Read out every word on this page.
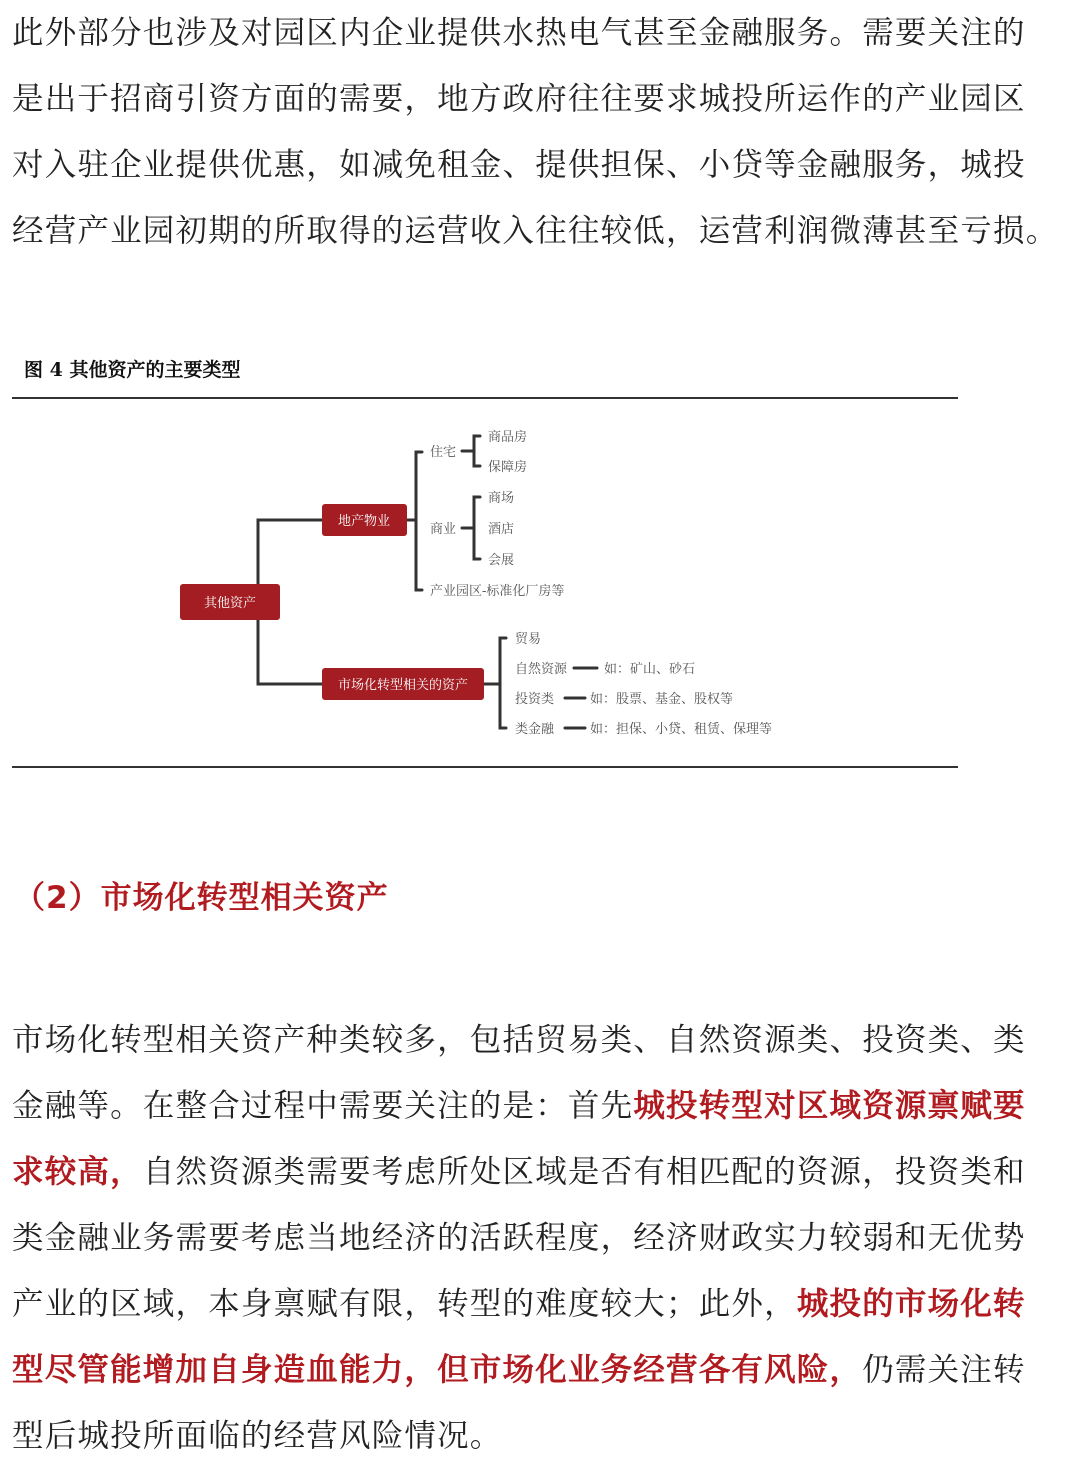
此外部分也涉及对园区内企业提供水热电气甚至金融服务。需要关注的
是出于招商引资方面的需要，地方政府往往要求城投所运作的产业园区
对入驻企业提供优惠，如减免租金、提供担保、小贷等金融服务，城投
经营产业园初期的所取得的运营收入往往较低，运营利润微薄甚至亏损。
图 4 其他资产的主要类型
其他资产
地产物业
市场化转型相关的资产
住宅
商品房
保障房
商业
商场
酒店
会展
产业园区-标准化厂房等
贸易
自然资源	如：矿山、砂石
投资类	如：股票、基金、股权等
类金融	如：担保、小贷、租赁、保理等
（2）市场化转型相关资产
市场化转型相关资产种类较多，包括贸易类、自然资源类、投资类、类
金融等。在整合过程中需要关注的是：首先城投转型对区域资源禀赋要
求较高，自然资源类需要考虑所处区域是否有相匹配的资源，投资类和
类金融业务需要考虑当地经济的活跃程度，经济财政实力较弱和无优势
产业的区域，本身禀赋有限，转型的难度较大；此外，城投的市场化转
型尽管能增加自身造血能力，但市场化业务经营各有风险，仍需关注转
型后城投所面临的经营风险情况。
